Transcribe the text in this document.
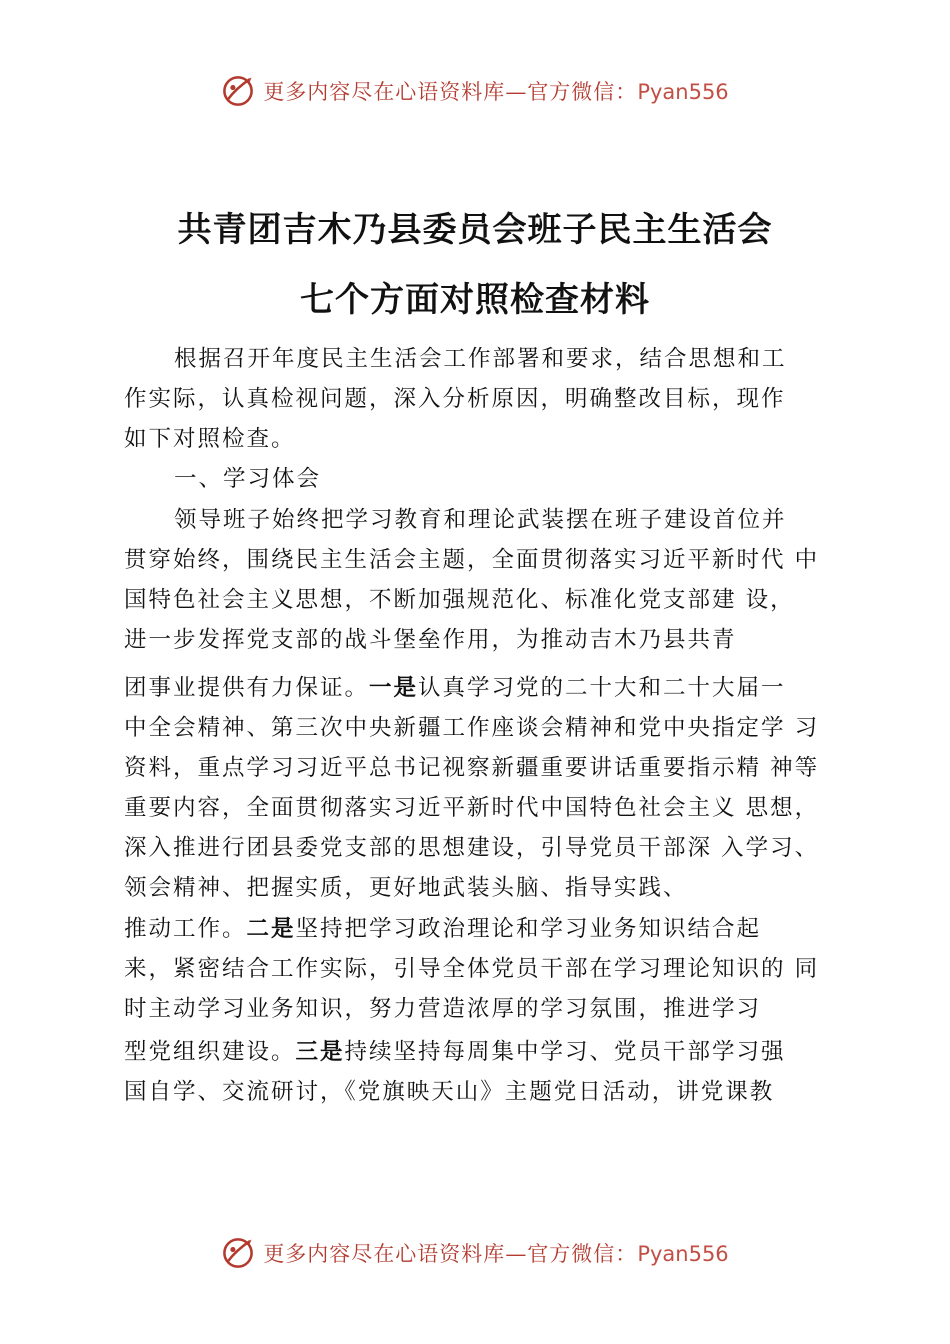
更多内容尽在心语资料库—官方微信：Pyan556
共青团吉木乃县委员会班子民主生活会
七个方面对照检查材料
根据召开年度民主生活会工作部署和要求，结合思想和工
作实际，认真检视问题，深入分析原因，明确整改目标，现作
如下对照检查。
一、学习体会
领导班子始终把学习教育和理论武装摆在班子建设首位并
贯穿始终，围绕民主生活会主题，全面贯彻落实习近平新时代 中
国特色社会主义思想，不断加强规范化、标准化党支部建 设，
进一步发挥党支部的战斗堡垒作用，为推动吉木乃县共青
团事业提供有力保证。一是认真学习党的二十大和二十大届一
中全会精神、第三次中央新疆工作座谈会精神和党中央指定学 习
资料，重点学习习近平总书记视察新疆重要讲话重要指示精 神等
重要内容，全面贯彻落实习近平新时代中国特色社会主义 思想，
深入推进行团县委党支部的思想建设，引导党员干部深 入学习、
领会精神、把握实质，更好地武装头脑、指导实践、
推动工作。二是坚持把学习政治理论和学习业务知识结合起
来，紧密结合工作实际，引导全体党员干部在学习理论知识的 同
时主动学习业务知识，努力营造浓厚的学习氛围，推进学习
型党组织建设。三是持续坚持每周集中学习、党员干部学习强
国自学、交流研讨，《党旗映天山》主题党日活动，讲党课教
更多内容尽在心语资料库—官方微信：Pyan556
